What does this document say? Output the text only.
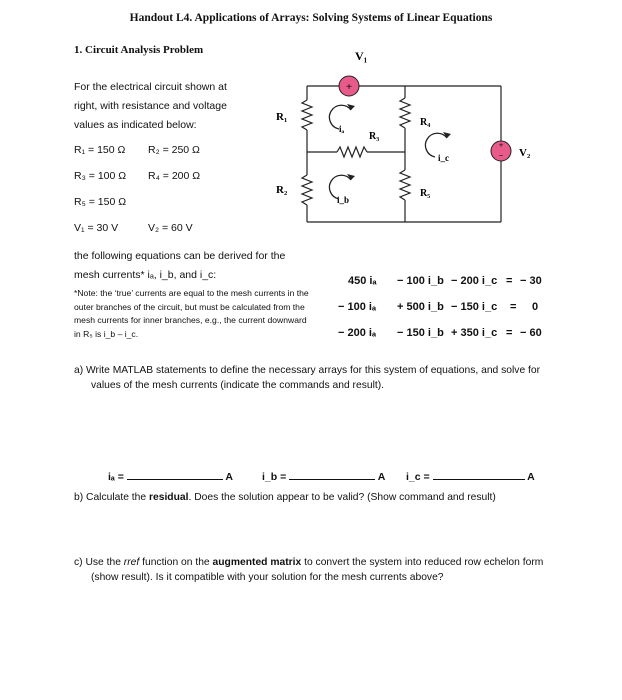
Handout L4. Applications of Arrays: Solving Systems of Linear Equations
1. Circuit Analysis Problem
For the electrical circuit shown at
right, with resistance and voltage
values as indicated below:
R₁ = 150 Ω R₂ = 250 Ω
R₃ = 100 Ω R₄ = 200 Ω
R₅ = 150 Ω
V₁ = 30 V	V₂ = 60 V
the following equations can be derived for the
mesh currents* iₐ, i_b, and i_c:
*Note: the ‘true’ currents are equal to the mesh currents in the outer branches of the circuit, but must be calculated from the mesh currents for inner branches, e.g., the current downward in R₅ is i_b – i_c.
+
+
−
V₁
R₁
R₂
R₃
R₄
R₅
iₐ
i_b
i_c	V₂
450 iₐ − 100 i_b − 200 i_c = − 30
− 100 iₐ + 500 i_b − 150 i_c = 0
− 200 iₐ − 150 i_b + 350 i_c = − 60
a) Write MATLAB statements to define the necessary arrays for this system of equations, and solve for values of the mesh currents (indicate the commands and result).
iₐ =	A	i_b =	A i_c =	A
b) Calculate the residual. Does the solution appear to be valid? (Show command and result)
c) Use the rref function on the augmented matrix to convert the system into reduced row echelon form (show result). Is it compatible with your solution for the mesh currents above?
